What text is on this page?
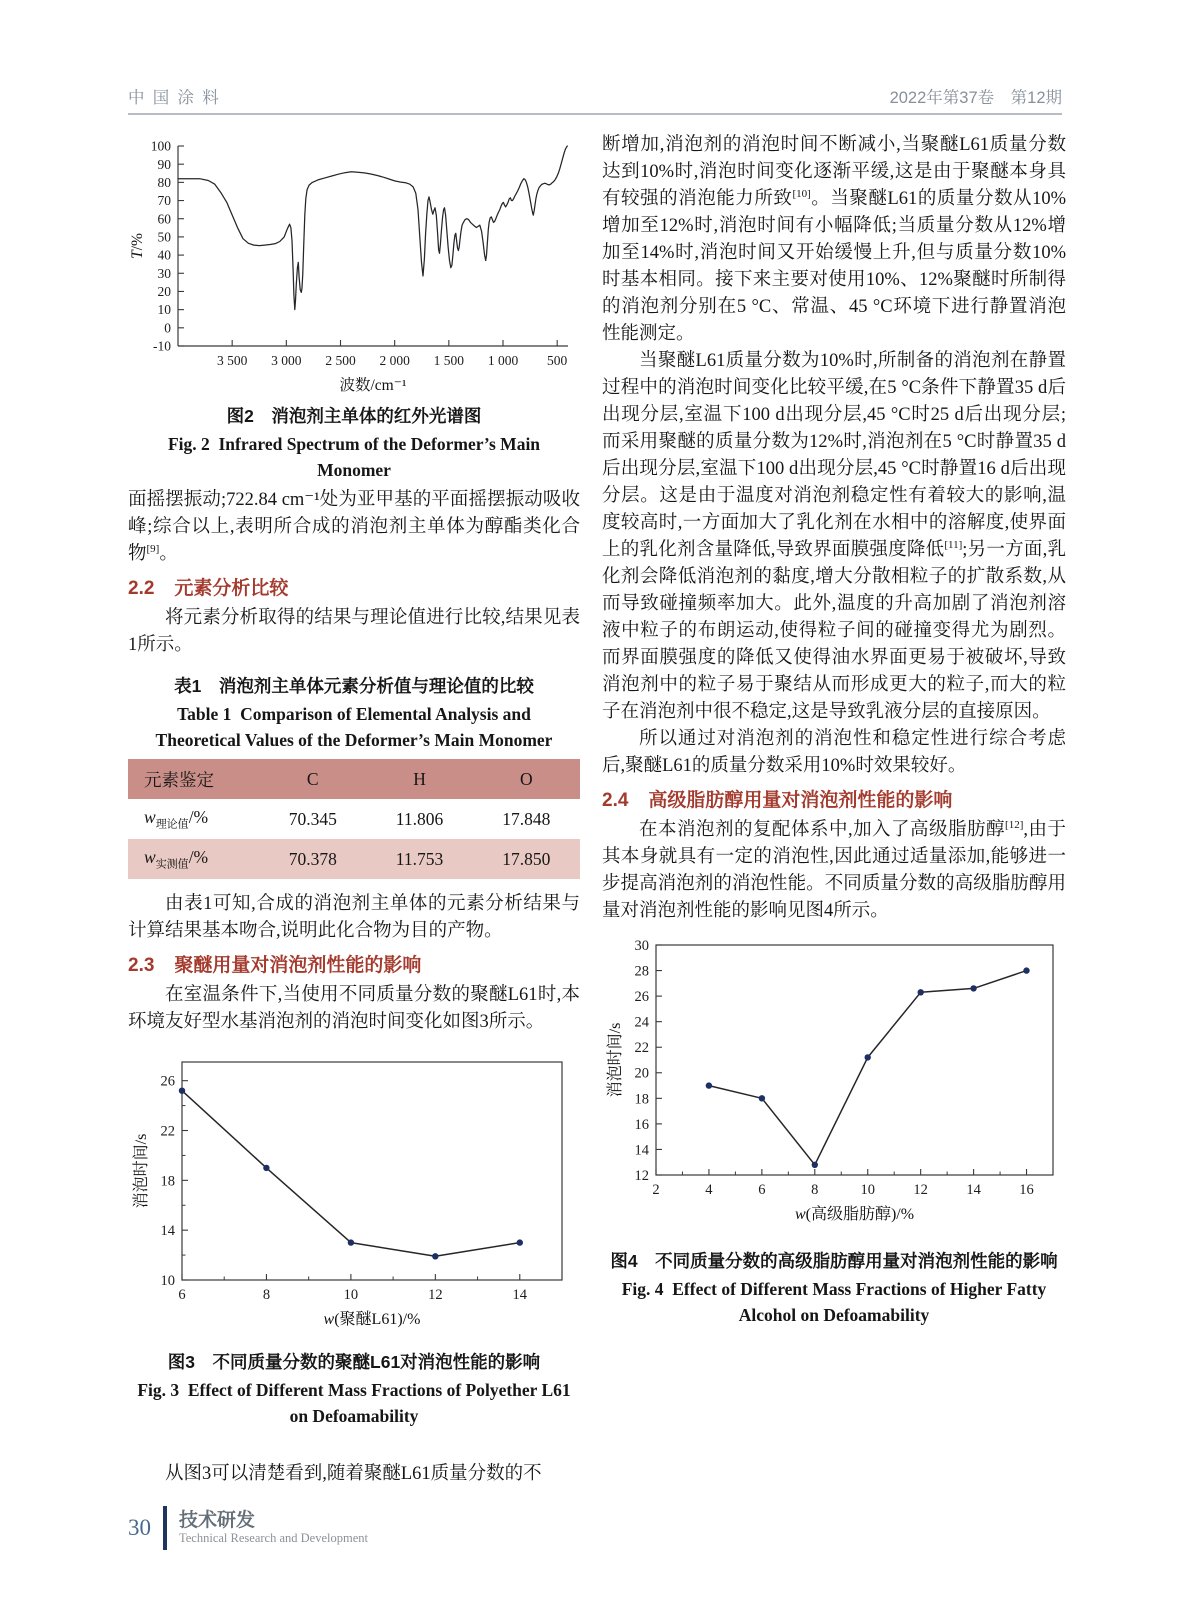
中国涂料	2022年第37卷　第12期
3 500 3 000 2 500 2 000 1 500 1 000 500
100
90
80
70
60
50
40
30
20
10
0
-10
波数/cm⁻¹
T/%
图2　消泡剂主单体的红外光谱图
Fig. 2 Infrared Spectrum of the Deformer’s Main Monomer

面摇摆振动;722.84 cm⁻¹处为亚甲基的平面摇摆振动吸收峰;综合以上,表明所合成的消泡剂主单体为醇酯类化合物[9]。

2.2 元素分析比较

将元素分析取得的结果与理论值进行比较,结果见表1所示。

表1　消泡剂主单体元素分析值与理论值的比较
Table 1 Comparison of Elemental Analysis and Theoretical Values of the Deformer’s Main Monomer
元素鉴定	C	H	O
$w_{理论值}/\%$	70.345	11.806	17.848
$w_{实测值}/\%$	70.378	11.753	17.850

由表1可知,合成的消泡剂主单体的元素分析结果与计算结果基本吻合,说明此化合物为目的产物。

2.3 聚醚用量对消泡剂性能的影响

在室温条件下,当使用不同质量分数的聚醚L61时,本环境友好型水基消泡剂的消泡时间变化如图3所示。

6	8	10	12	14
10
14
18
22
26
w(聚醚L61)/%
消泡时间/s
图3　不同质量分数的聚醚L61对消泡性能的影响
Fig. 3 Effect of Different Mass Fractions of Polyether L61 on Defoamability

从图3可以清楚看到,随着聚醚L61质量分数的不

断增加,消泡剂的消泡时间不断减小,当聚醚L61质量分数达到10%时,消泡时间变化逐渐平缓,这是由于聚醚本身具有较强的消泡能力所致[10]。当聚醚L61的质量分数从10%增加至12%时,消泡时间有小幅降低;当质量分数从12%增加至14%时,消泡时间又开始缓慢上升,但与质量分数10%时基本相同。接下来主要对使用10%、12%聚醚时所制得的消泡剂分别在5 °C、常温、45 °C环境下进行静置消泡性能测定。

当聚醚L61质量分数为10%时,所制备的消泡剂在静置过程中的消泡时间变化比较平缓,在5 °C条件下静置35 d后出现分层,室温下100 d出现分层,45 °C时25 d后出现分层;而采用聚醚的质量分数为12%时,消泡剂在5 °C时静置35 d后出现分层,室温下100 d出现分层,45 °C时静置16 d后出现分层。这是由于温度对消泡剂稳定性有着较大的影响,温度较高时,一方面加大了乳化剂在水相中的溶解度,使界面上的乳化剂含量降低,导致界面膜强度降低[11];另一方面,乳化剂会降低消泡剂的黏度,增大分散相粒子的扩散系数,从而导致碰撞频率加大。此外,温度的升高加剧了消泡剂溶液中粒子的布朗运动,使得粒子间的碰撞变得尤为剧烈。而界面膜强度的降低又使得油水界面更易于被破坏,导致消泡剂中的粒子易于聚结从而形成更大的粒子,而大的粒子在消泡剂中很不稳定,这是导致乳液分层的直接原因。

所以通过对消泡剂的消泡性和稳定性进行综合考虑后,聚醚L61的质量分数采用10%时效果较好。

2.4 高级脂肪醇用量对消泡剂性能的影响

在本消泡剂的复配体系中,加入了高级脂肪醇[12],由于其本身就具有一定的消泡性,因此通过适量添加,能够进一步提高消泡剂的消泡性能。不同质量分数的高级脂肪醇用量对消泡剂性能的影响见图4所示。

2	4	6	8	10	12	14	16
12
14
16
18
20
22
24
26
28
30
w(高级脂肪醇)/%
消泡时间/s
图4　不同质量分数的高级脂肪醇用量对消泡剂性能的影响
Fig. 4 Effect of Different Mass Fractions of Higher Fatty Alcohol on Defoamability
30 技术研发
Technical Research and Development
